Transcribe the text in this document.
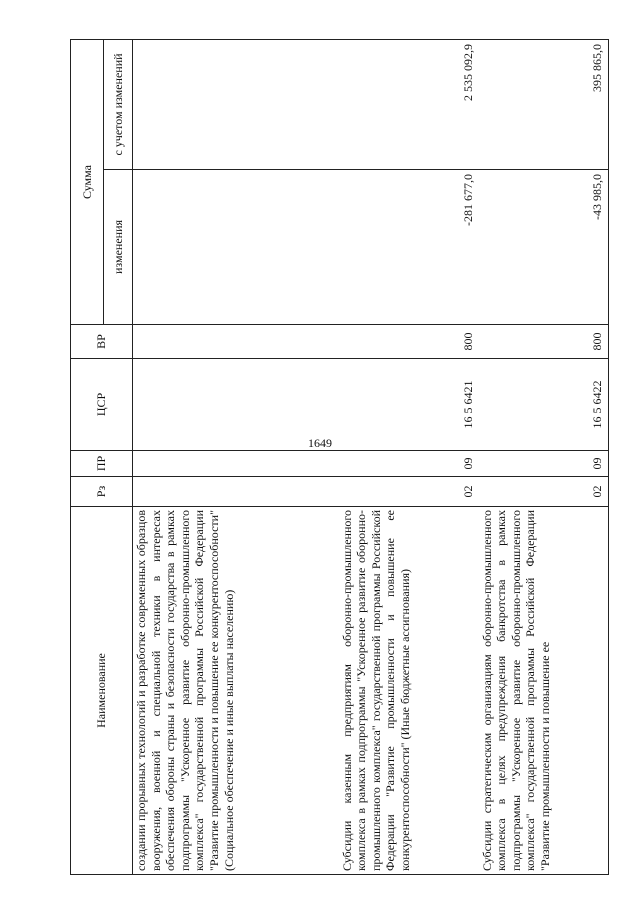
1649
Наименование	Рз	ПР	ЦСР	ВР	Сумма	
					изменения	с учетом изменений
создании прорывных технологий и разработке современных образцов вооружения, военной и специальной техники в интересах обеспечения обороны страны и безопасности государства в рамках подпрограммы "Ускоренное развитие оборонно-промышленного комплекса" государственной программы Российской Федерации "Развитие промышленности и повышение ее конкурентоспособности" (Социальное обеспечение и иные выплаты населению)						
Субсидии казенным предприятиям оборонно-промышленного комплекса в рамках подпрограммы "Ускоренное развитие оборонно-промышленного комплекса" государственной программы Российской Федерации "Развитие промышленности и повышение ее конкурентоспособности" (Иные бюджетные ассигнования)	02	09	16 5 6421	800	-281 677,0	2 535 092,9
Субсидии стратегическим организациям оборонно-промышленного комплекса в целях предупреждения банкротства в рамках подпрограммы "Ускоренное развитие оборонно-промышленного комплекса" государственной программы Российской Федерации "Развитие промышленности и повышение ее	02	09	16 5 6422	800	-43 985,0	395 865,0
